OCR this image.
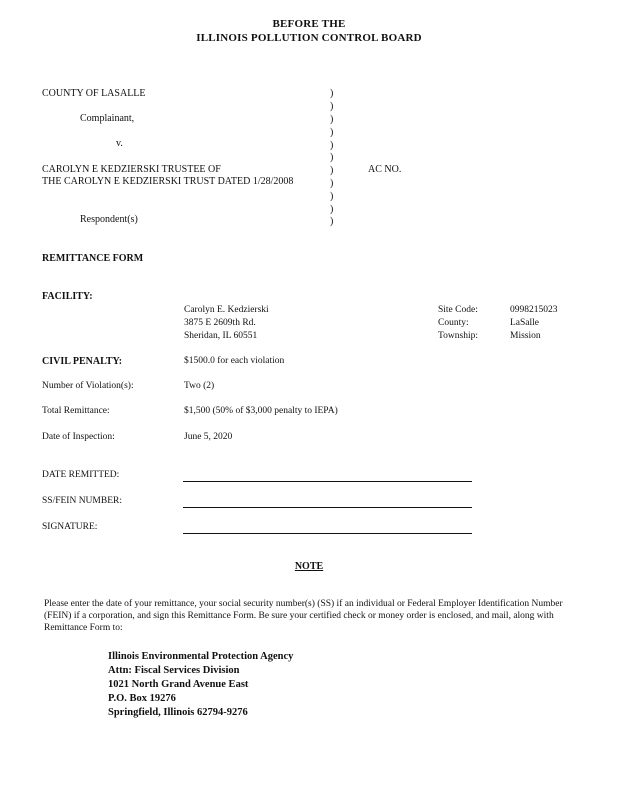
BEFORE THE
ILLINOIS POLLUTION CONTROL BOARD
COUNTY OF LASALLE
Complainant,
v.
CAROLYN E KEDZIERSKI TRUSTEE OF
THE CAROLYN E KEDZIERSKI TRUST DATED 1/28/2008
Respondent(s)
AC NO.
)
)
)
)
)
)
)
)
)
)
)
REMITTANCE FORM
FACILITY:
Carolyn E. Kedzierski
3875 E 2609th Rd.
Sheridan, IL 60551
Site Code:	0998215023
County:	LaSalle
Township:	Mission
CIVIL PENALTY:	$1500.0 for each violation
Number of Violation(s):	Two (2)
Total Remittance:	$1,500 (50% of $3,000 penalty to IEPA)
Date of Inspection:	June 5, 2020
DATE REMITTED:
SS/FEIN NUMBER:
SIGNATURE:
NOTE
Please enter the date of your remittance, your social security number(s) (SS) if an individual or Federal Employer Identification Number (FEIN) if a corporation, and sign this Remittance Form. Be sure your certified check or money order is enclosed, and mail, along with Remittance Form to:
Illinois Environmental Protection Agency
Attn: Fiscal Services Division
1021 North Grand Avenue East
P.O. Box 19276
Springfield, Illinois 62794-9276
